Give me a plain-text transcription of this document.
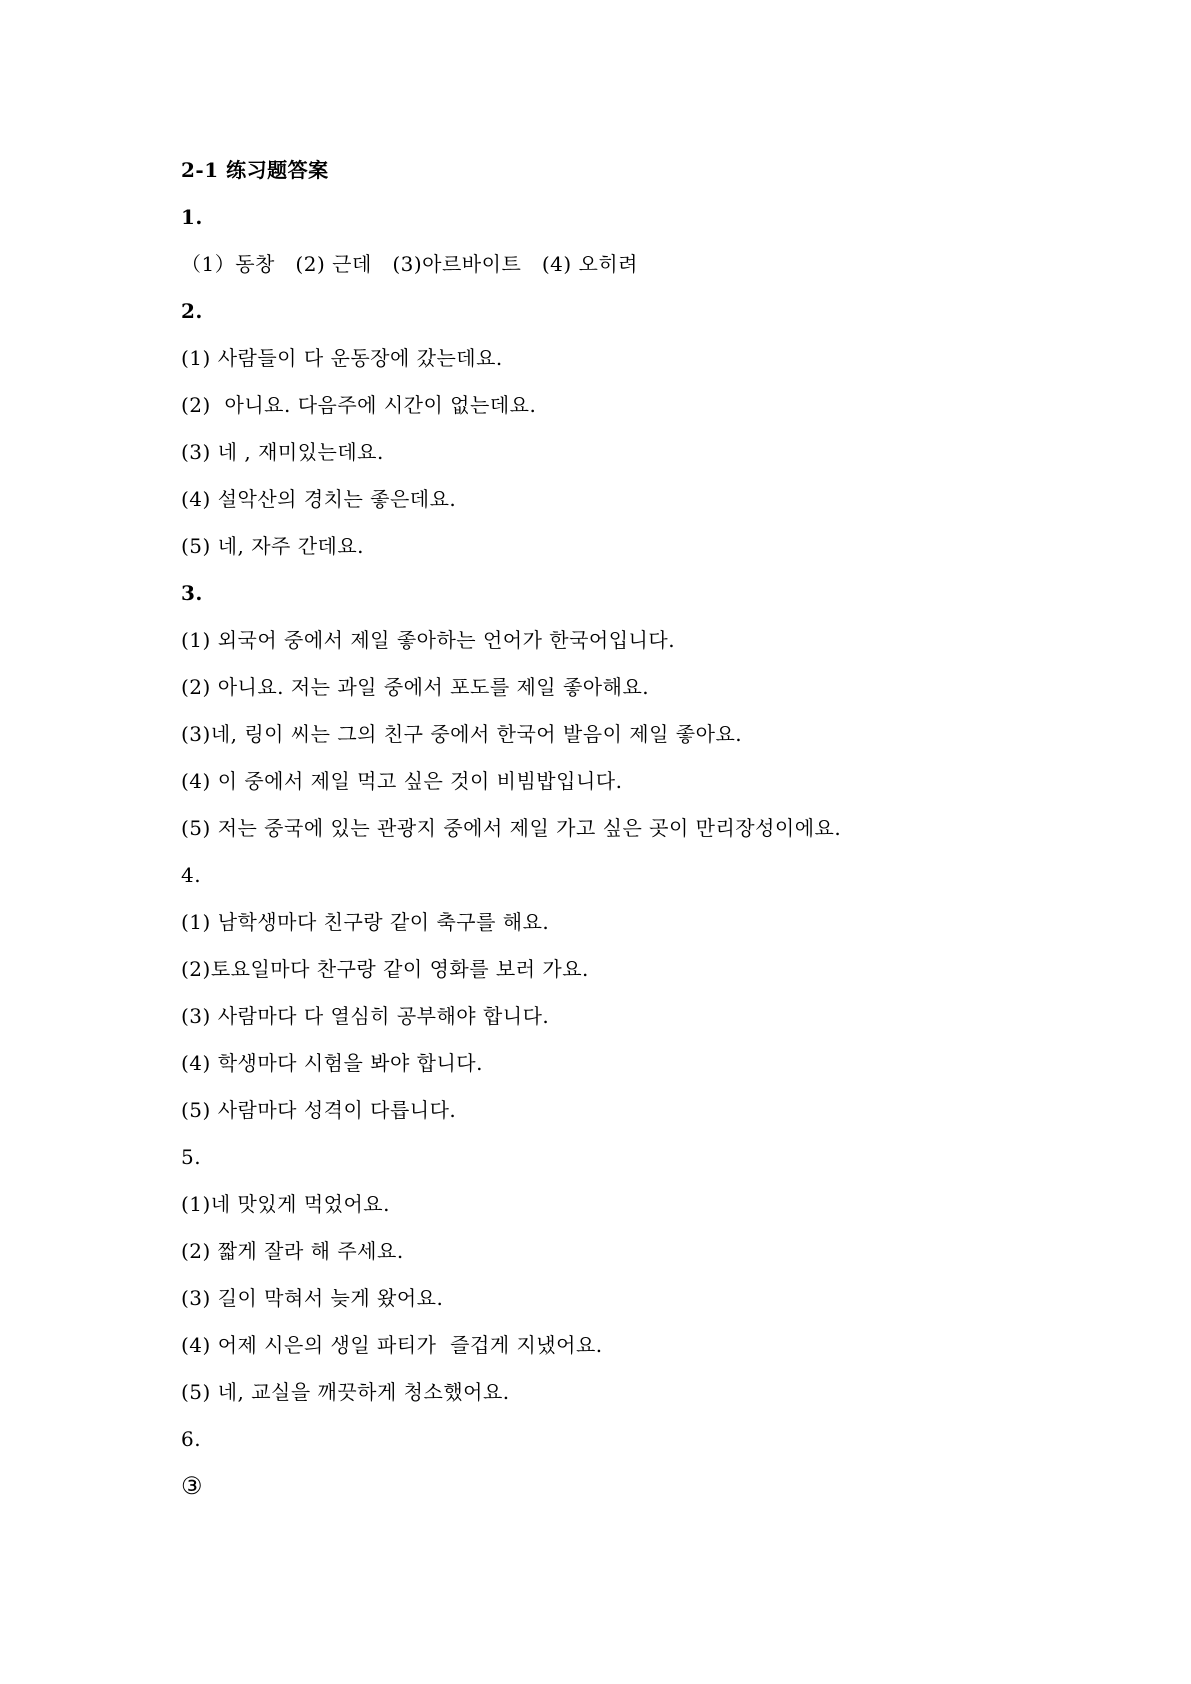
2-1 练习题答案
1.
（1）동창   (2) 근데   (3)아르바이트   (4) 오히려
2.
(1) 사람들이 다 운동장에 갔는데요.
(2)  아니요. 다음주에 시간이 없는데요.
(3) 네 , 재미있는데요.
(4) 설악산의 경치는 좋은데요.
(5) 네, 자주 간데요.
3.
(1) 외국어 중에서 제일 좋아하는 언어가 한국어입니다.
(2) 아니요. 저는 과일 중에서 포도를 제일 좋아해요.
(3)네, 링이 씨는 그의 친구 중에서 한국어 발음이 제일 좋아요.
(4) 이 중에서 제일 먹고 싶은 것이 비빔밥입니다.
(5) 저는 중국에 있는 관광지 중에서 제일 가고 싶은 곳이 만리장성이에요.
4.
(1) 남학생마다 친구랑 같이 축구를 해요.
(2)토요일마다 찬구랑 같이 영화를 보러 가요.
(3) 사람마다 다 열심히 공부해야 합니다.
(4) 학생마다 시험을 봐야 합니다.
(5) 사람마다 성격이 다릅니다.
5.
(1)네 맛있게 먹었어요.
(2) 짧게 잘라 해 주세요.
(3) 길이 막혀서 늦게 왔어요.
(4) 어제 시은의 생일 파티가  즐겁게 지냈어요.
(5) 네, 교실을 깨끗하게 청소했어요.
6.
③
